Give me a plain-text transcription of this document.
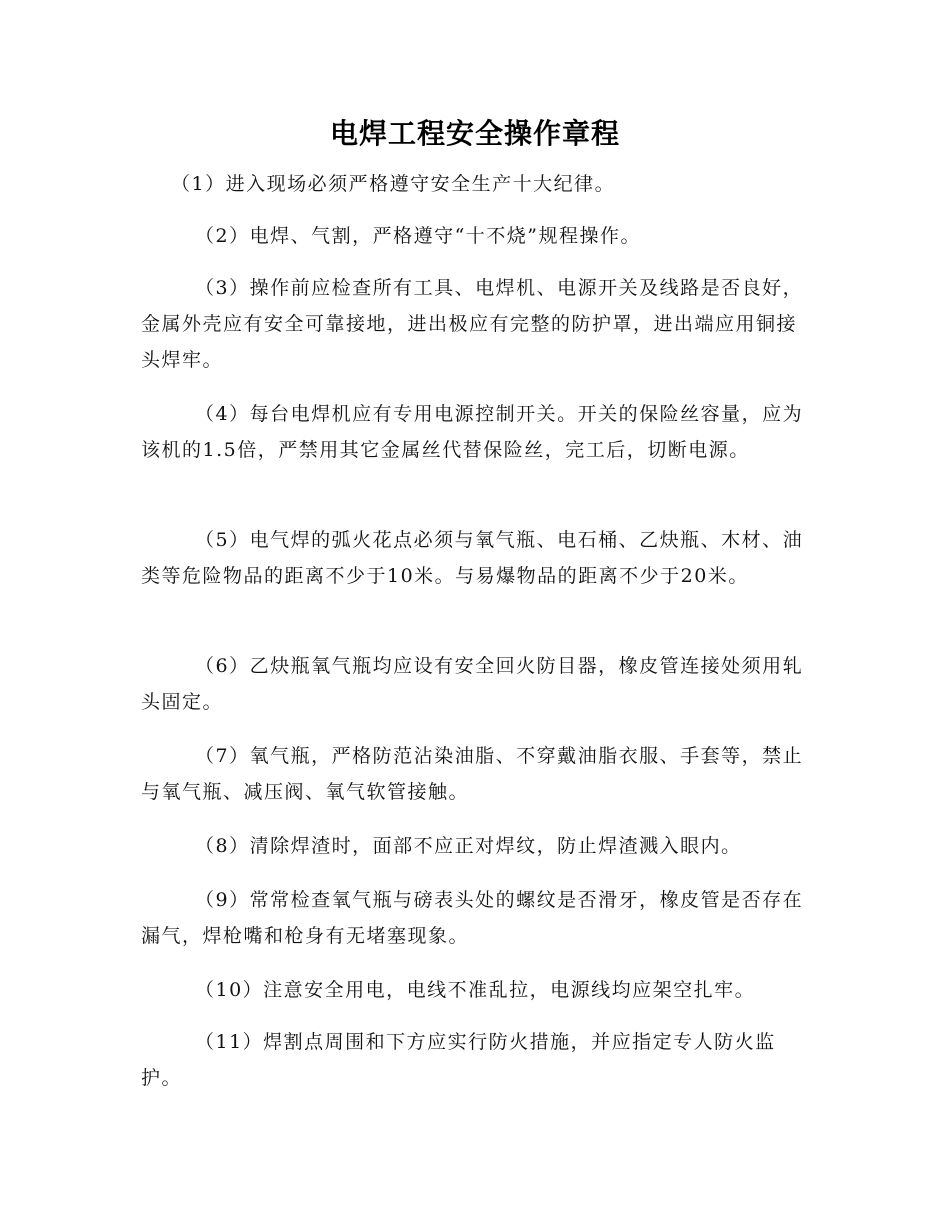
电焊工程安全操作章程

（1）进入现场必须严格遵守安全生产十大纪律。

（2）电焊、气割，严格遵守“十不烧”规程操作。

（3）操作前应检查所有工具、电焊机、电源开关及线路是否良好，金属外壳应有安全可靠接地，进出极应有完整的防护罩，进出端应用铜接头焊牢。

（4）每台电焊机应有专用电源控制开关。开关的保险丝容量，应为该机的1.5倍，严禁用其它金属丝代替保险丝，完工后，切断电源。

（5）电气焊的弧火花点必须与氧气瓶、电石桶、乙炔瓶、木材、油类等危险物品的距离不少于10米。与易爆物品的距离不少于20米。

（6）乙炔瓶氧气瓶均应设有安全回火防目器，橡皮管连接处须用轧头固定。

（7）氧气瓶，严格防范沾染油脂、不穿戴油脂衣服、手套等，禁止与氧气瓶、减压阀、氧气软管接触。

（8）清除焊渣时，面部不应正对焊纹，防止焊渣溅入眼内。

（9）常常检查氧气瓶与磅表头处的螺纹是否滑牙，橡皮管是否存在漏气，焊枪嘴和枪身有无堵塞现象。

（10）注意安全用电，电线不准乱拉，电源线均应架空扎牢。

（11）焊割点周围和下方应实行防火措施，并应指定专人防火监护。
